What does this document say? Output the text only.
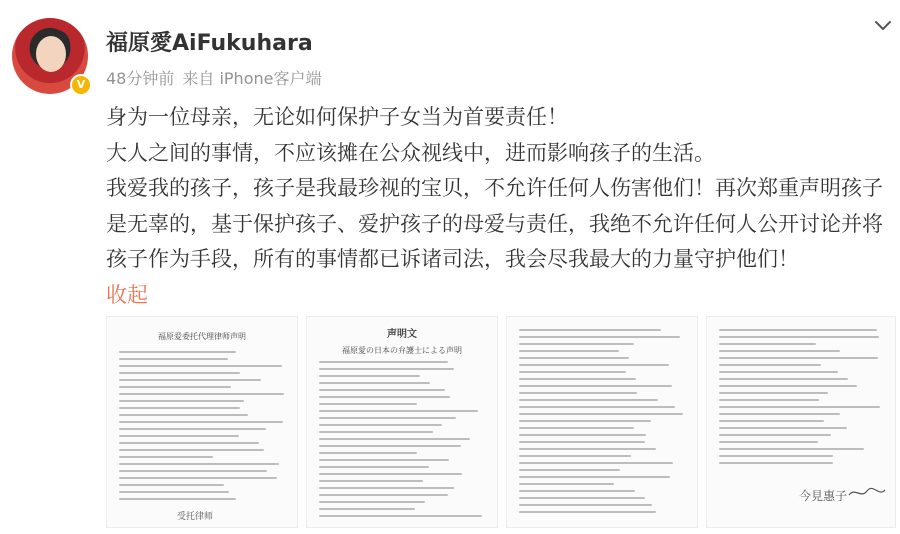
V
福原愛AiFukuhara
48分钟前 来自 iPhone客户端

身为一位母亲，无论如何保护子女当为首要责任！

大人之间的事情，不应该摊在公众视线中，进而影响孩子的生活。

我爱我的孩子，孩子是我最珍视的宝贝，不允许任何人伤害他们！再次郑重声明孩子是无辜的，基于保护孩子、爱护孩子的母爱与责任，我绝不允许任何人公开讨论并将孩子作为手段，所有的事情都已诉诸司法，我会尽我最大的力量守护他们！

收起

福原爱委托代理律师声明
受托律师
声明文
福原愛の日本の弁護士による声明
今見惠子
